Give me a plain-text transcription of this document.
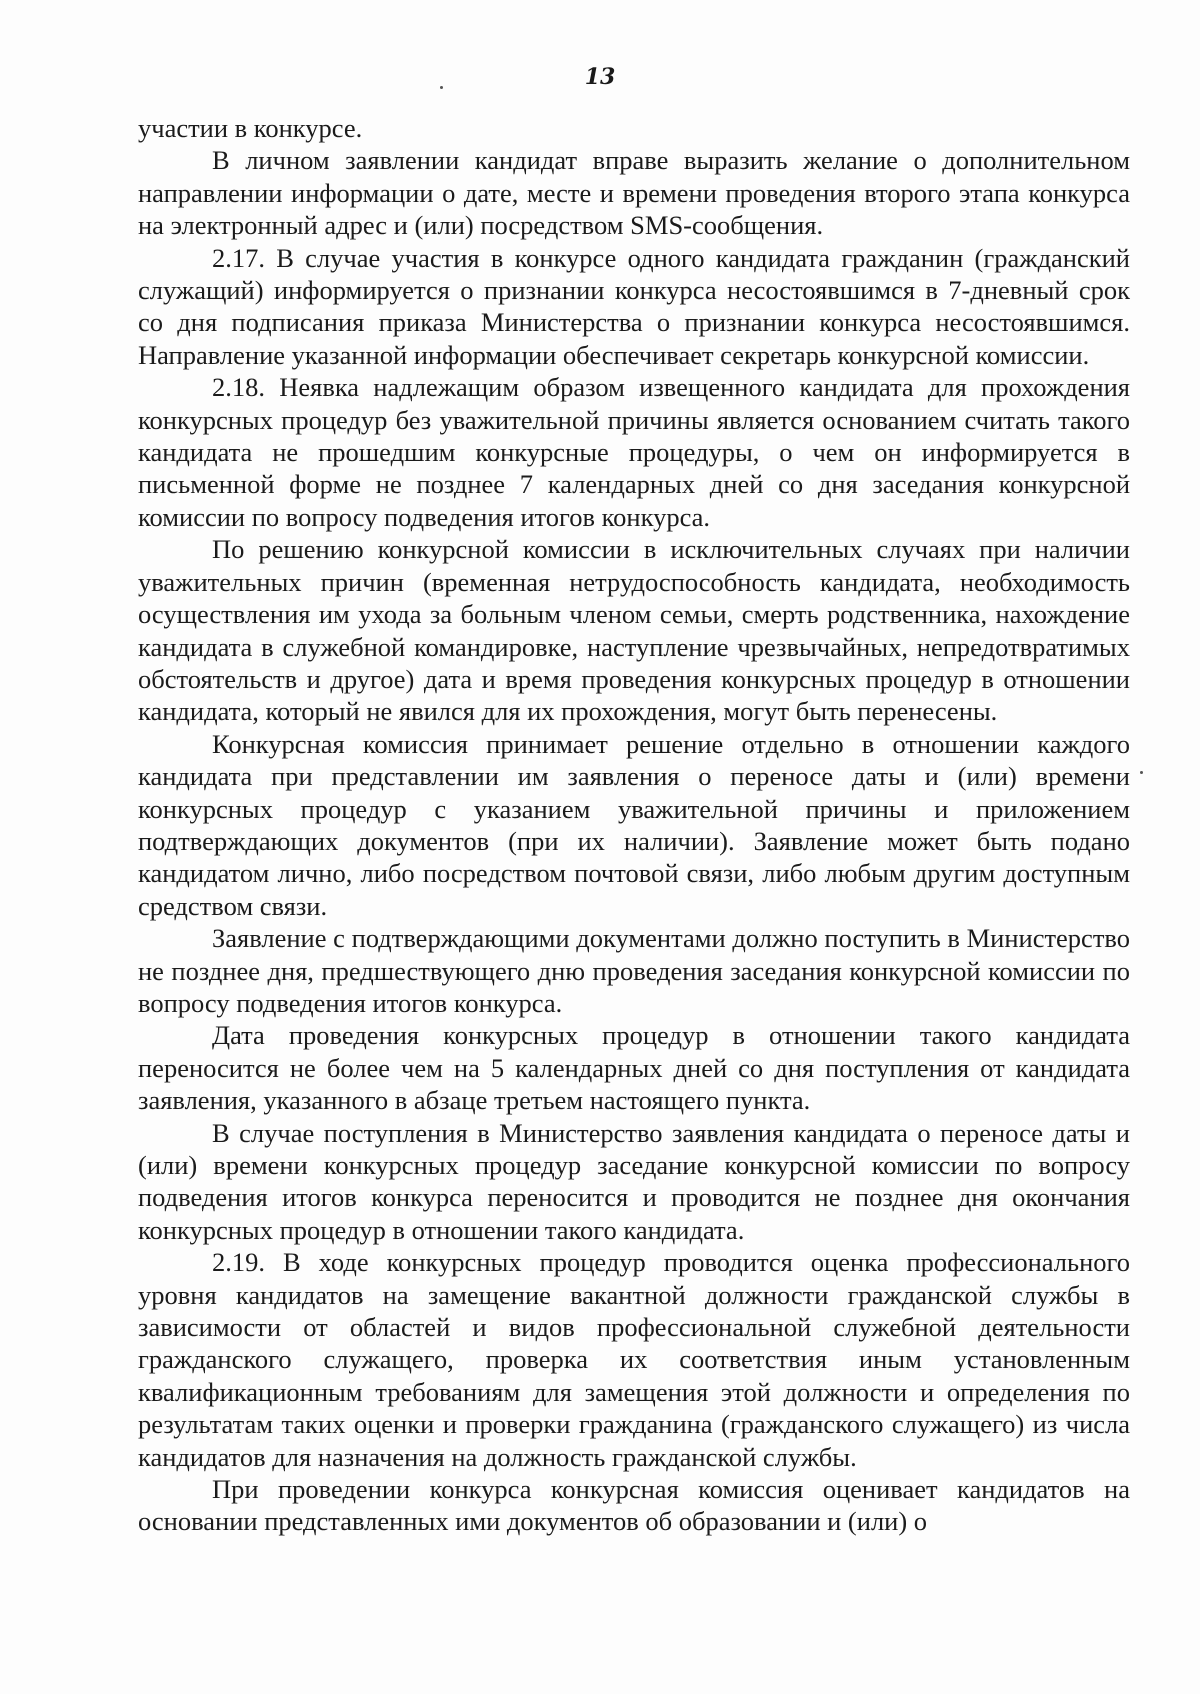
13

участии в конкурсе.

В личном заявлении кандидат вправе выразить желание о дополнительном направлении информации о дате, месте и времени проведения второго этапа конкурса на электронный адрес и (или) посредством SMS-сообщения.

2.17. В случае участия в конкурсе одного кандидата гражданин (гражданский служащий) информируется о признании конкурса несостоявшимся в 7-дневный срок со дня подписания приказа Министерства о признании конкурса несостоявшимся. Направление указанной информации обеспечивает секретарь конкурсной комиссии.

2.18. Неявка надлежащим образом извещенного кандидата для прохождения конкурсных процедур без уважительной причины является основанием считать такого кандидата не прошедшим конкурсные процедуры, о чем он информируется в письменной форме не позднее 7 календарных дней со дня заседания конкурсной комиссии по вопросу подведения итогов конкурса.

По решению конкурсной комиссии в исключительных случаях при наличии уважительных причин (временная нетрудоспособность кандидата, необходимость осуществления им ухода за больным членом семьи, смерть родственника, нахождение кандидата в служебной командировке, наступление чрезвычайных, непредотвратимых обстоятельств и другое) дата и время проведения конкурсных процедур в отношении кандидата, который не явился для их прохождения, могут быть перенесены.

Конкурсная комиссия принимает решение отдельно в отношении каждого кандидата при представлении им заявления о переносе даты и (или) времени конкурсных процедур с указанием уважительной причины и приложением подтверждающих документов (при их наличии). Заявление может быть подано кандидатом лично, либо посредством почтовой связи, либо любым другим доступным средством связи.

Заявление с подтверждающими документами должно поступить в Министерство не позднее дня, предшествующего дню проведения заседания конкурсной комиссии по вопросу подведения итогов конкурса.

Дата проведения конкурсных процедур в отношении такого кандидата переносится не более чем на 5 календарных дней со дня поступления от кандидата заявления, указанного в абзаце третьем настоящего пункта.

В случае поступления в Министерство заявления кандидата о переносе даты и (или) времени конкурсных процедур заседание конкурсной комиссии по вопросу подведения итогов конкурса переносится и проводится не позднее дня окончания конкурсных процедур в отношении такого кандидата.

2.19. В ходе конкурсных процедур проводится оценка профессионального уровня кандидатов на замещение вакантной должности гражданской службы в зависимости от областей и видов профессиональной служебной деятельности гражданского служащего, проверка их соответствия иным установленным квалификационным требованиям для замещения этой должности и определения по результатам таких оценки и проверки гражданина (гражданского служащего) из числа кандидатов для назначения на должность гражданской службы.

При проведении конкурса конкурсная комиссия оценивает кандидатов на основании представленных ими документов об образовании и (или) о
